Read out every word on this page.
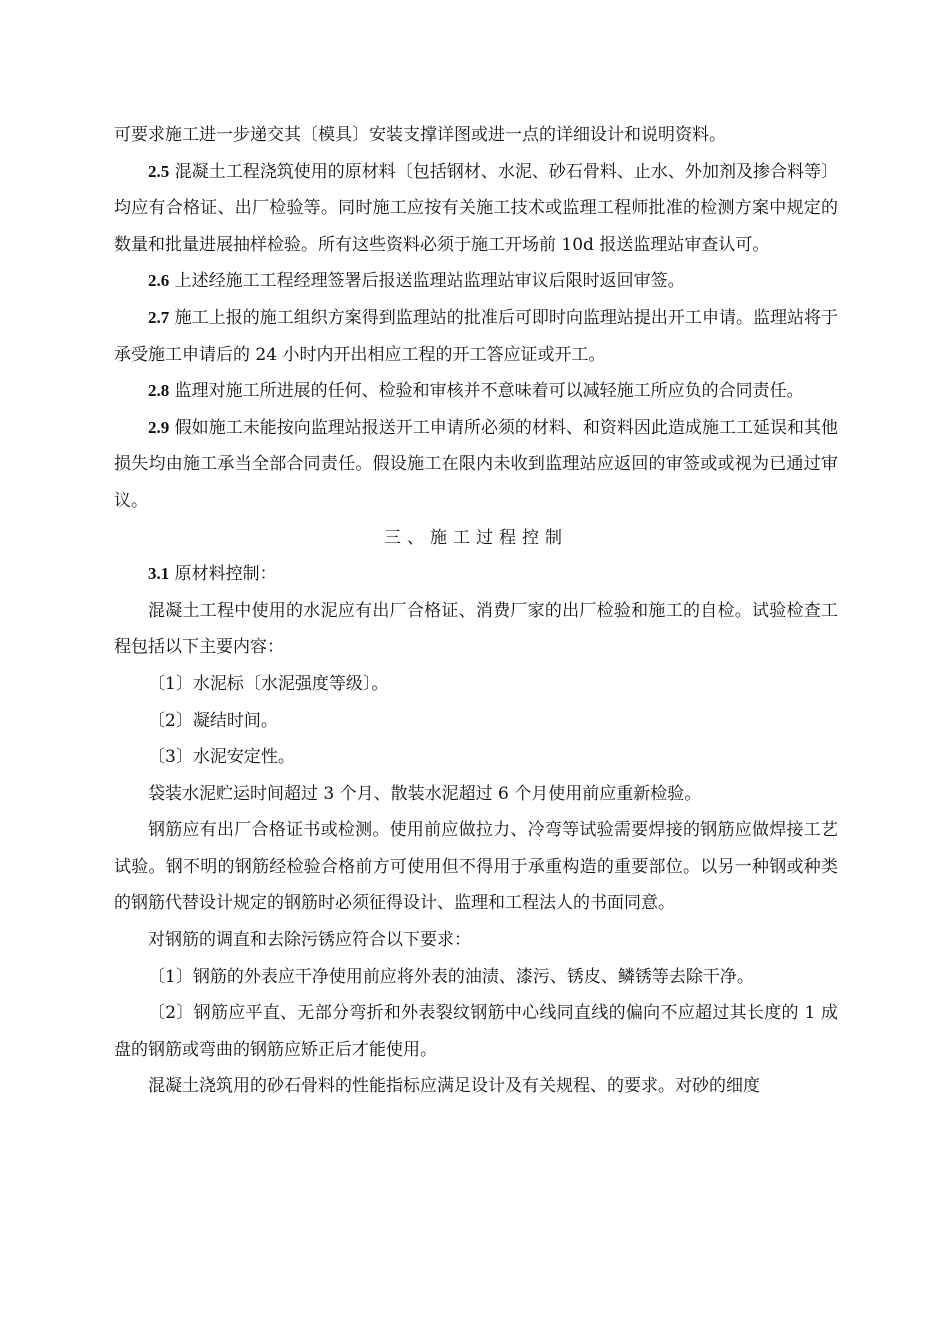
可要求施工进一步递交其〔模具〕安装支撑详图或进一点的详细设计和说明资料。

2.5 混凝土工程浇筑使用的原材料〔包括钢材、水泥、砂石骨料、止水、外加剂及掺合料等〕均应有合格证、出厂检验等。同时施工应按有关施工技术或监理工程师批准的检测方案中规定的数量和批量进展抽样检验。所有这些资料必须于施工开场前 10d 报送监理站审查认可。

2.6 上述经施工工程经理签署后报送监理站监理站审议后限时返回审签。

2.7 施工上报的施工组织方案得到监理站的批准后可即时向监理站提出开工申请。监理站将于承受施工申请后的 24 小时内开出相应工程的开工答应证或开工。

2.8 监理对施工所进展的任何、检验和审核并不意味着可以减轻施工所应负的合同责任。

2.9 假如施工未能按向监理站报送开工申请所必须的材料、和资料因此造成施工工延误和其他损失均由施工承当全部合同责任。假设施工在限内未收到监理站应返回的审签或或视为已通过审议。

三、施工过程控制

3.1 原材料控制：

混凝土工程中使用的水泥应有出厂合格证、消费厂家的出厂检验和施工的自检。试验检查工程包括以下主要内容：

〔1〕水泥标〔水泥强度等级〕。

〔2〕凝结时间。

〔3〕水泥安定性。

袋装水泥贮运时间超过 3 个月、散装水泥超过 6 个月使用前应重新检验。

钢筋应有出厂合格证书或检测。使用前应做拉力、冷弯等试验需要焊接的钢筋应做焊接工艺试验。钢不明的钢筋经检验合格前方可使用但不得用于承重构造的重要部位。以另一种钢或种类的钢筋代替设计规定的钢筋时必须征得设计、监理和工程法人的书面同意。

对钢筋的调直和去除污锈应符合以下要求：

〔1〕钢筋的外表应干净使用前应将外表的油渍、漆污、锈皮、鳞锈等去除干净。

〔2〕钢筋应平直、无部分弯折和外表裂纹钢筋中心线同直线的偏向不应超过其长度的 1 成盘的钢筋或弯曲的钢筋应矫正后才能使用。

混凝土浇筑用的砂石骨料的性能指标应满足设计及有关规程、的要求。对砂的细度
